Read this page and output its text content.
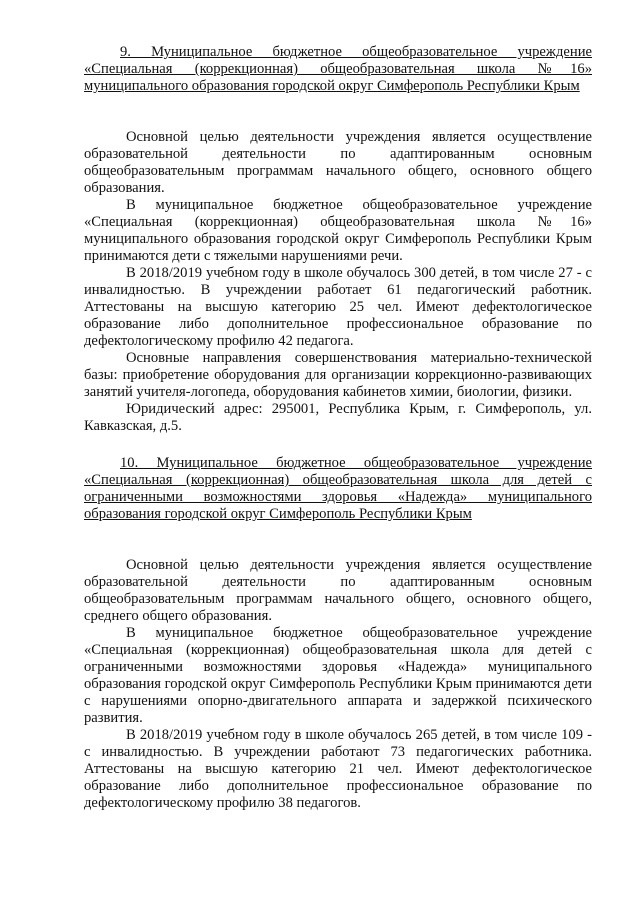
9. Муниципальное бюджетное общеобразовательное учреждение «Специальная (коррекционная) общеобразовательная школа №16» муниципального образования городской округ Симферополь Республики Крым

Основной целью деятельности учреждения является осуществление образовательной деятельности по адаптированным основным общеобразовательным программам начального общего, основного общего образования.

В муниципальное бюджетное общеобразовательное учреждение «Специальная (коррекционная) общеобразовательная школа №16» муниципального образования городской округ Симферополь Республики Крым принимаются дети с тяжелыми нарушениями речи.

В 2018/2019 учебном году в школе обучалось 300 детей, в том числе 27 - с инвалидностью. В учреждении работает 61 педагогический работник. Аттестованы на высшую категорию 25 чел. Имеют дефектологическое образование либо дополнительное профессиональное образование по дефектологическому профилю 42 педагога.

Основные направления совершенствования материально-технической базы: приобретение оборудования для организации коррекционно-развивающих занятий учителя-логопеда, оборудования кабинетов химии, биологии, физики.

Юридический адрес: 295001, Республика Крым, г. Симферополь, ул. Кавказская, д.5.

10. Муниципальное бюджетное общеобразовательное учреждение «Специальная (коррекционная) общеобразовательная школа для детей с ограниченными возможностями здоровья «Надежда» муниципального образования городской округ Симферополь Республики Крым

Основной целью деятельности учреждения является осуществление образовательной деятельности по адаптированным основным общеобразовательным программам начального общего, основного общего, среднего общего образования.

В муниципальное бюджетное общеобразовательное учреждение «Специальная (коррекционная) общеобразовательная школа для детей с ограниченными возможностями здоровья «Надежда» муниципального образования городской округ Симферополь Республики Крым принимаются дети с нарушениями опорно-двигательного аппарата и задержкой психического развития.

В 2018/2019 учебном году в школе обучалось 265 детей, в том числе 109 - с инвалидностью. В учреждении работают 73 педагогических работника. Аттестованы на высшую категорию 21 чел. Имеют дефектологическое образование либо дополнительное профессиональное образование по дефектологическому профилю 38 педагогов.
